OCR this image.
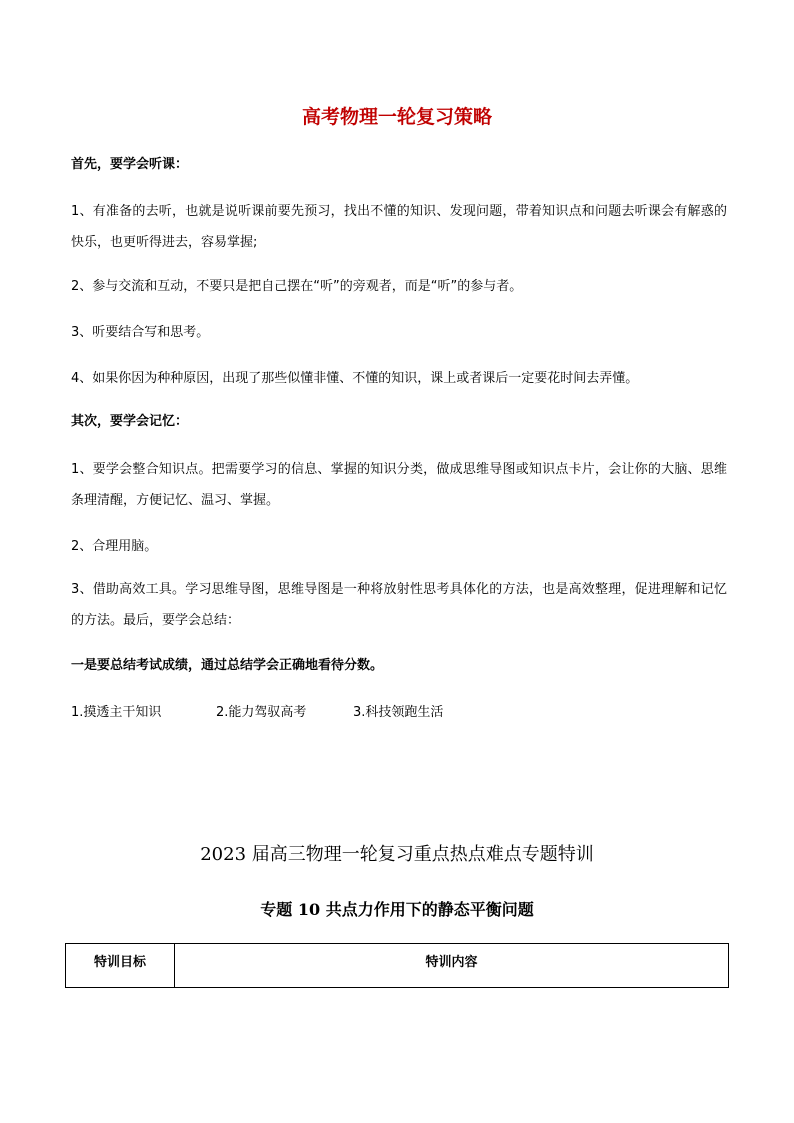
高考物理一轮复习策略
首先，要学会听课：
1、有准备的去听，也就是说听课前要先预习，找出不懂的知识、发现问题，带着知识点和问题去听课会有解惑的快乐，也更听得进去，容易掌握;
2、参与交流和互动，不要只是把自己摆在“听”的旁观者，而是“听”的参与者。
3、听要结合写和思考。
4、如果你因为种种原因，出现了那些似懂非懂、不懂的知识，课上或者课后一定要花时间去弄懂。
其次，要学会记忆：
1、要学会整合知识点。把需要学习的信息、掌握的知识分类，做成思维导图或知识点卡片，会让你的大脑、思维条理清醒，方便记忆、温习、掌握。
2、合理用脑。
3、借助高效工具。学习思维导图，思维导图是一种将放射性思考具体化的方法，也是高效整理，促进理解和记忆的方法。最后，要学会总结：
一是要总结考试成绩，通过总结学会正确地看待分数。
1.摸透主干知识	2.能力驾驭高考	3.科技领跑生活
2023 届高三物理一轮复习重点热点难点专题特训
专题 10 共点力作用下的静态平衡问题
特训目标	特训内容
